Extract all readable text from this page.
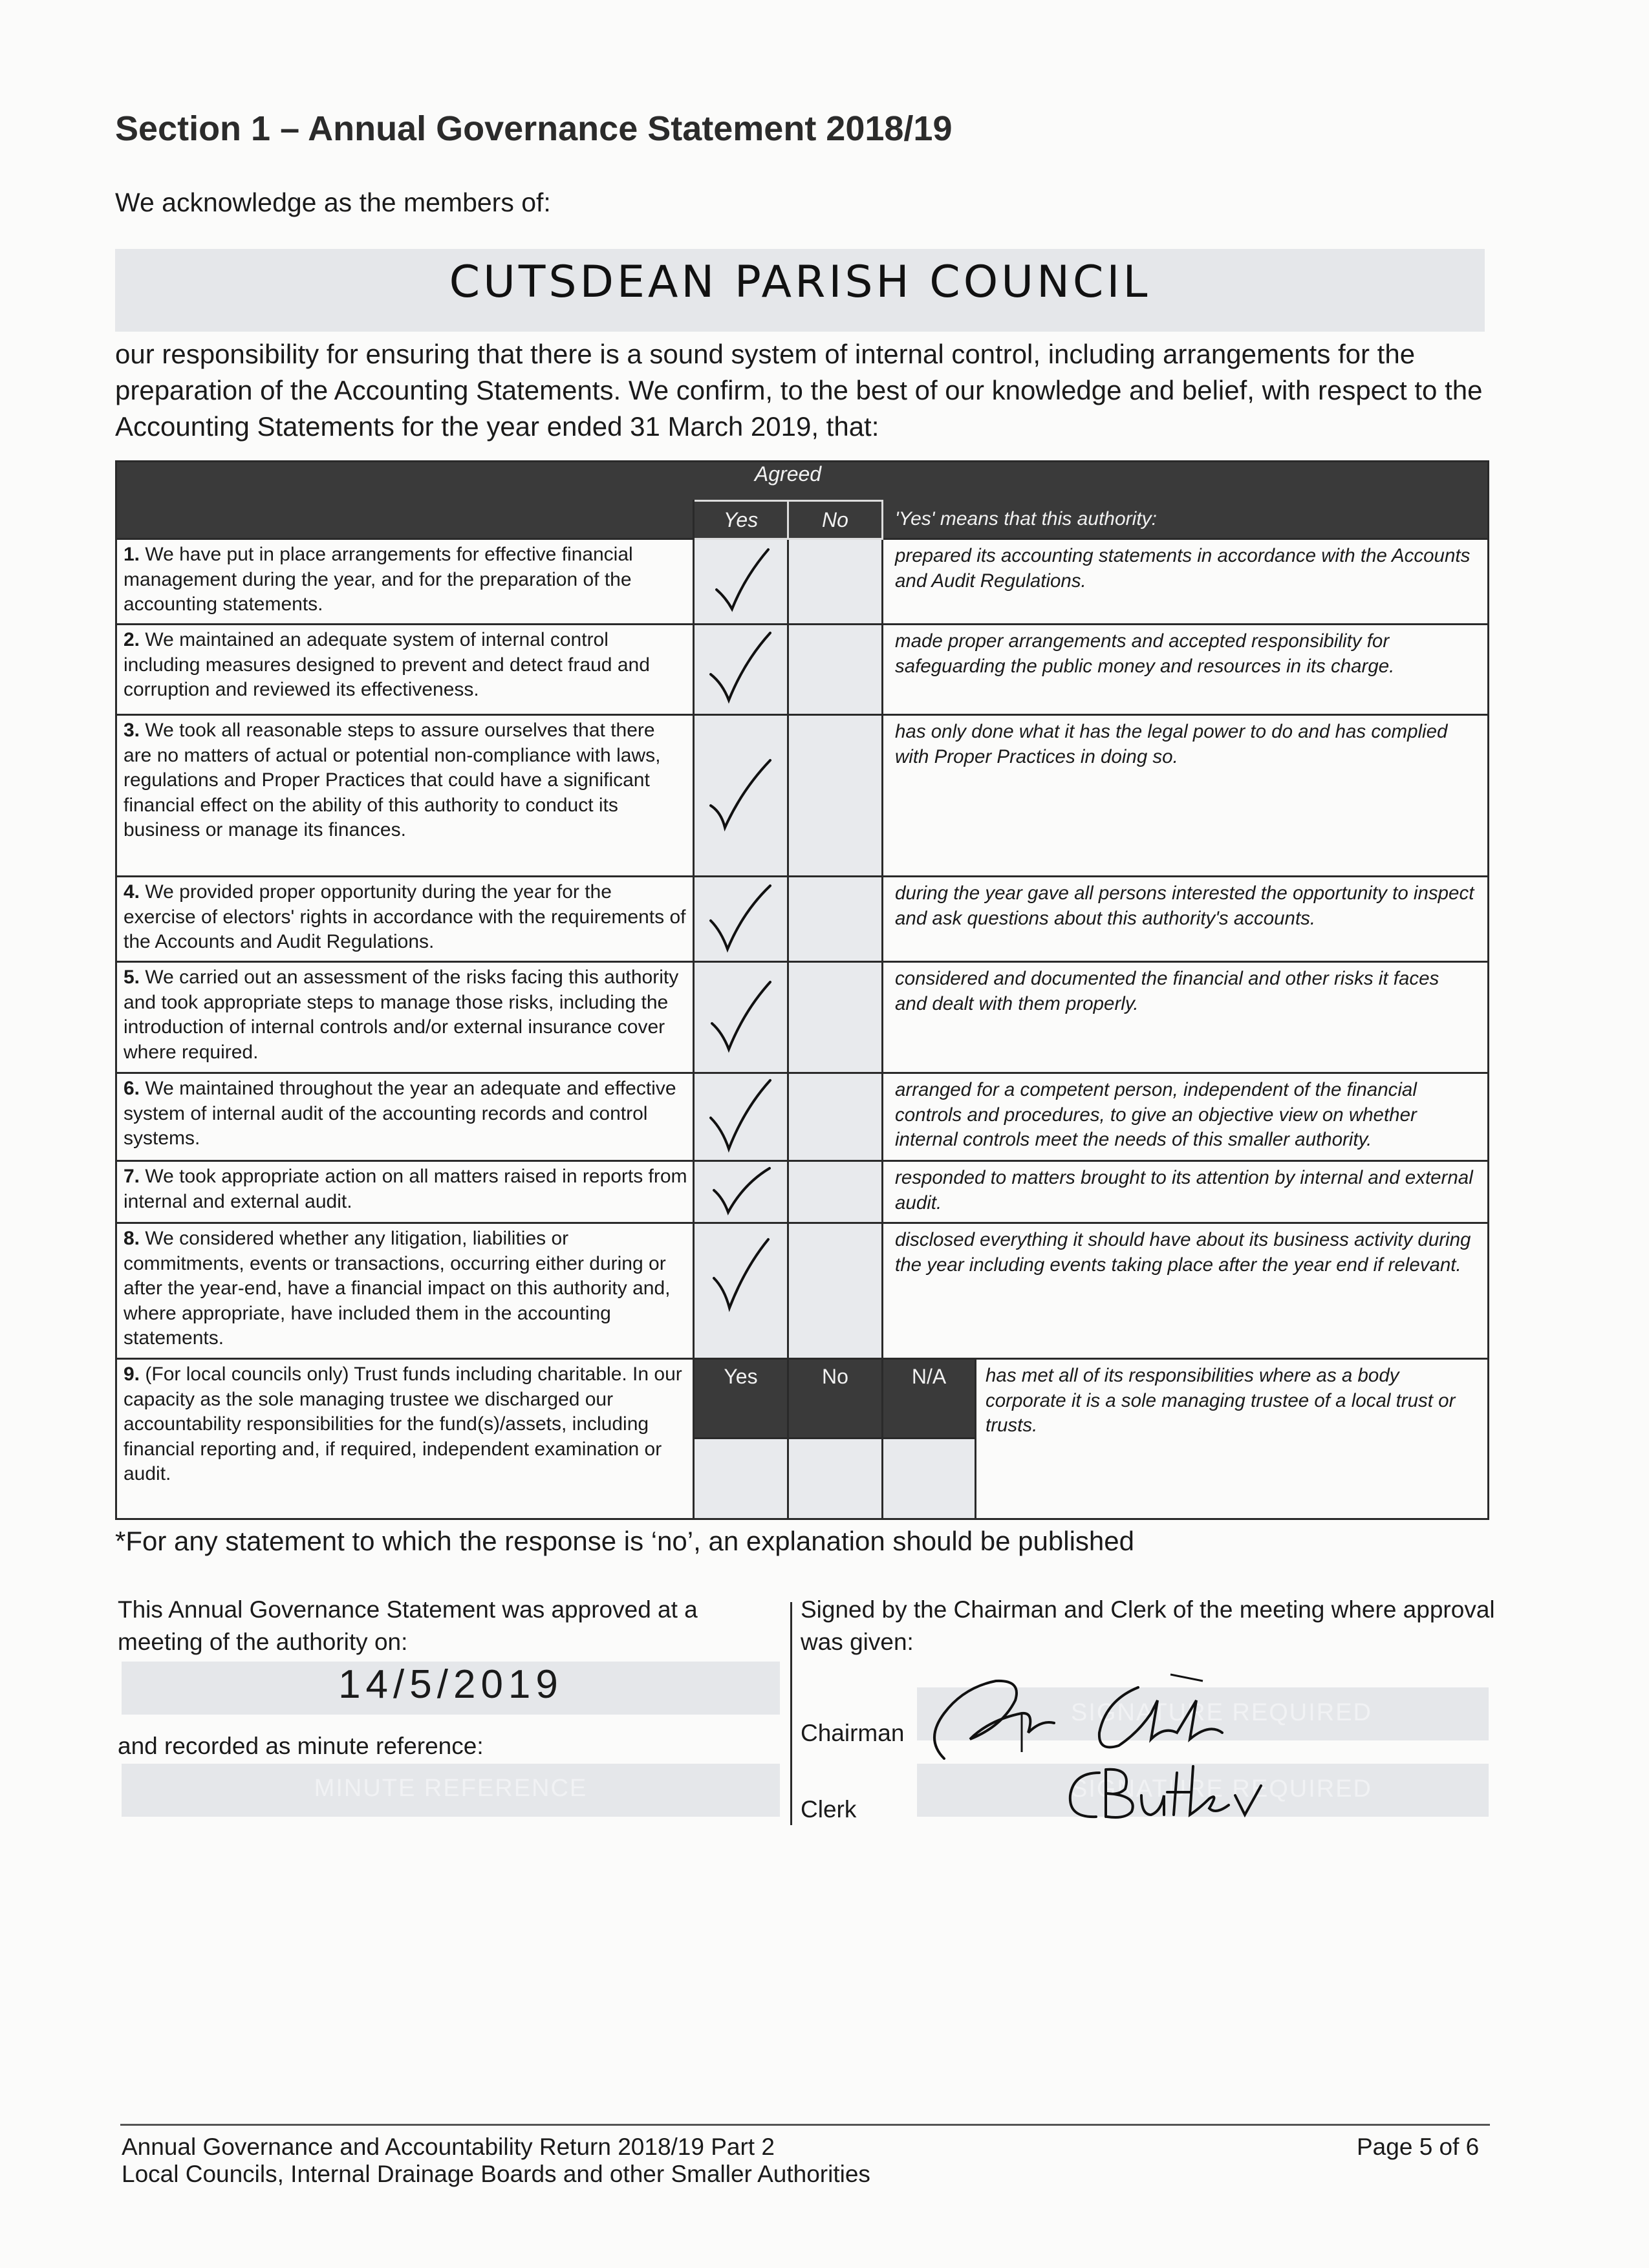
Section 1 – Annual Governance Statement 2018/19
We acknowledge as the members of:
CUTSDEAN PARISH COUNCIL
our responsibility for ensuring that there is a sound system of internal control, including arrangements for the preparation of the Accounting Statements. We confirm, to the best of our knowledge and belief, with respect to the Accounting Statements for the year ended 31 March 2019, that:
	Agreed			
	Yes	No	'Yes' means that this authority:	
1. We have put in place arrangements for effective financial management during the year, and for the preparation of the accounting statements.			prepared its accounting statements in accordance with the Accounts and Audit Regulations.	
2. We maintained an adequate system of internal control including measures designed to prevent and detect fraud and corruption and reviewed its effectiveness.			made proper arrangements and accepted responsibility for safeguarding the public money and resources in its charge.	
3. We took all reasonable steps to assure ourselves that there are no matters of actual or potential non-compliance with laws, regulations and Proper Practices that could have a significant financial effect on the ability of this authority to conduct its business or manage its finances.			has only done what it has the legal power to do and has complied with Proper Practices in doing so.	
4. We provided proper opportunity during the year for the exercise of electors' rights in accordance with the requirements of the Accounts and Audit Regulations.			during the year gave all persons interested the opportunity to inspect and ask questions about this authority's accounts.	
5. We carried out an assessment of the risks facing this authority and took appropriate steps to manage those risks, including the introduction of internal controls and/or external insurance cover where required.			considered and documented the financial and other risks it faces and dealt with them properly.	
6. We maintained throughout the year an adequate and effective system of internal audit of the accounting records and control systems.			arranged for a competent person, independent of the financial controls and procedures, to give an objective view on whether internal controls meet the needs of this smaller authority.	
7. We took appropriate action on all matters raised in reports from internal and external audit.			responded to matters brought to its attention by internal and external audit.	
8. We considered whether any litigation, liabilities or commitments, events or transactions, occurring either during or after the year-end, have a financial impact on this authority and, where appropriate, have included them in the accounting statements.			disclosed everything it should have about its business activity during the year including events taking place after the year end if relevant.	
9. (For local councils only) Trust funds including charitable. In our capacity as the sole managing trustee we discharged our accountability responsibilities for the fund(s)/assets, including financial reporting and, if required, independent examination or audit.	Yes	No	N/A	has met all of its responsibilities where as a body corporate it is a sole managing trustee of a local trust or trusts.

*For any statement to which the response is ‘no’, an explanation should be published
This Annual Governance Statement was approved at a meeting of the authority on:
14/5/2019
and recorded as minute reference:
MINUTE REFERENCE
Signed by the Chairman and Clerk of the meeting where approval was given:
Chairman
Clerk
SIGNATURE REQUIRED
SIGNATURE REQUIRED
Annual Governance and Accountability Return 2018/19 Part 2
Local Councils, Internal Drainage Boards and other Smaller Authorities
Page 5 of 6
